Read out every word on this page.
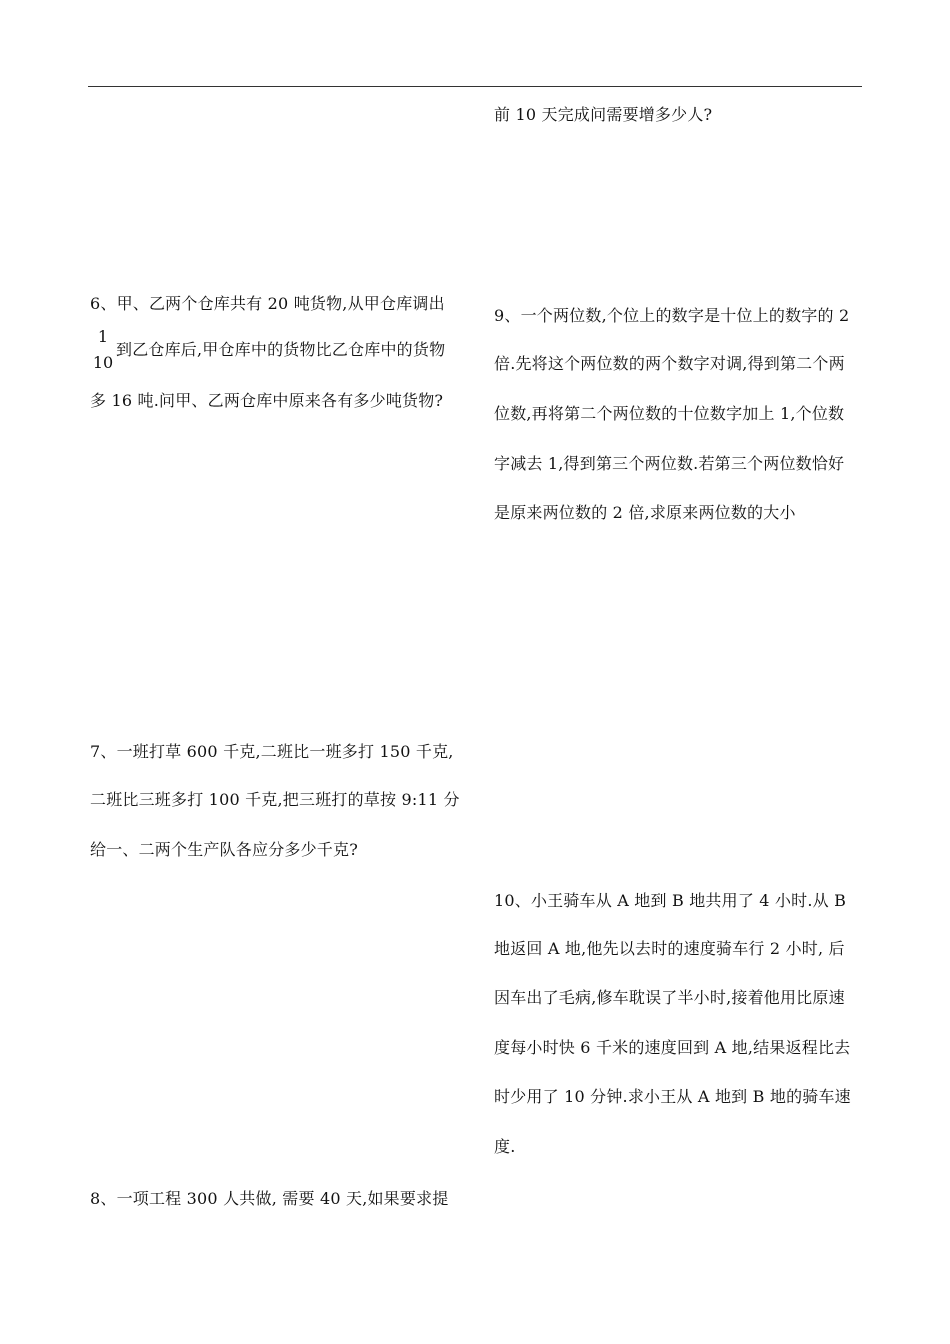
前 10 天完成问需要增多少人?
6、甲、乙两个仓库共有 20 吨货物,从甲仓库调出
1
10
到乙仓库后,甲仓库中的货物比乙仓库中的货物
多 16 吨.问甲、乙两仓库中原来各有多少吨货物?
9、一个两位数,个位上的数字是十位上的数字的 2
倍.先将这个两位数的两个数字对调,得到第二个两
位数,再将第二个两位数的十位数字加上 1,个位数
字减去 1,得到第三个两位数.若第三个两位数恰好
是原来两位数的 2 倍,求原来两位数的大小
7、一班打草 600 千克,二班比一班多打 150 千克,
二班比三班多打 100 千克,把三班打的草按 9:11 分
给一、二两个生产队各应分多少千克?
10、小王骑车从 A 地到 B 地共用了 4 小时.从 B
地返回 A 地,他先以去时的速度骑车行 2 小时, 后
因车出了毛病,修车耽误了半小时,接着他用比原速
度每小时快 6 千米的速度回到 A 地,结果返程比去
时少用了 10 分钟.求小王从 A 地到 B 地的骑车速
度.
8、一项工程 300 人共做, 需要 40 天,如果要求提
